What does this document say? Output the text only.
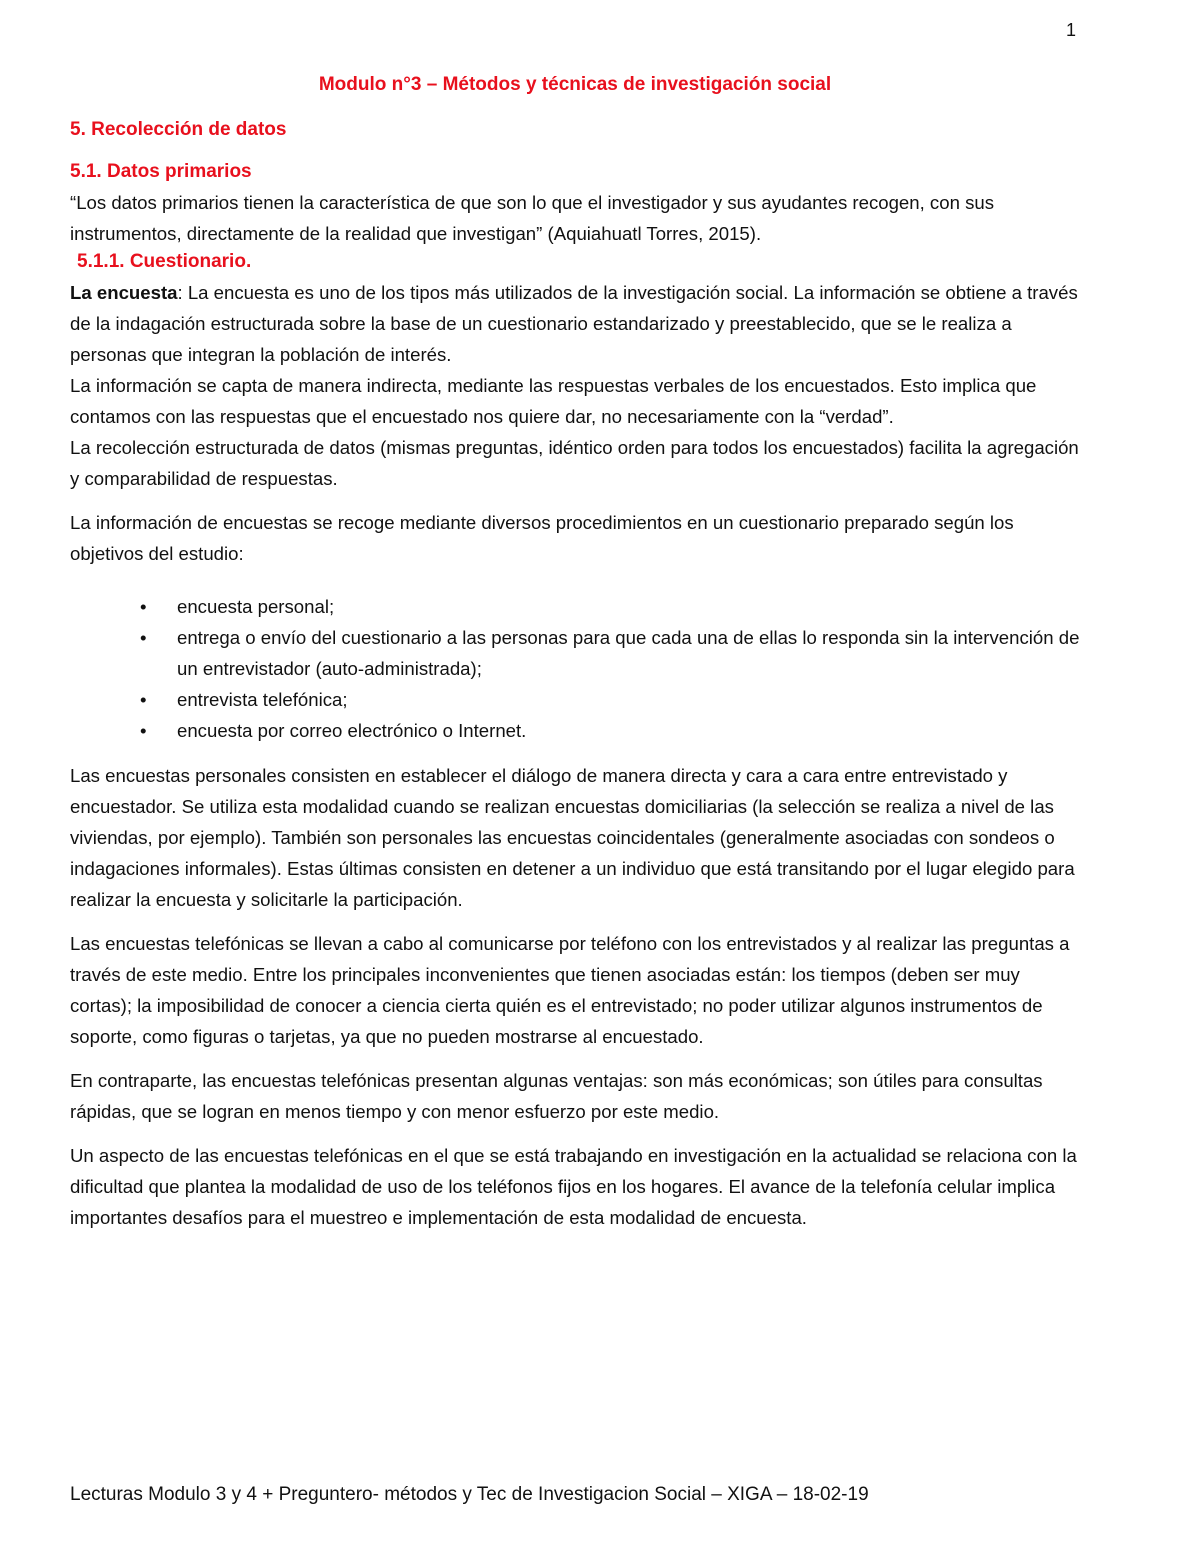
1
Modulo n°3 – Métodos y técnicas de investigación social
5. Recolección de datos
5.1. Datos primarios

“Los datos primarios tienen la característica de que son lo que el investigador y sus ayudantes recogen, con sus instrumentos, directamente de la realidad que investigan” (Aquiahuatl Torres, 2015).

5.1.1. Cuestionario.

La encuesta: La encuesta es uno de los tipos más utilizados de la investigación social. La información se obtiene a través de la indagación estructurada sobre la base de un cuestionario estandarizado y preestablecido, que se le realiza a personas que integran la población de interés.

La información se capta de manera indirecta, mediante las respuestas verbales de los encuestados. Esto implica que contamos con las respuestas que el encuestado nos quiere dar, no necesariamente con la “verdad”.

La recolección estructurada de datos (mismas preguntas, idéntico orden para todos los encuestados) facilita la agregación y comparabilidad de respuestas.

La información de encuestas se recoge mediante diversos procedimientos en un cuestionario preparado según los objetivos del estudio:

• encuesta personal;
• entrega o envío del cuestionario a las personas para que cada una de ellas lo responda sin la intervención de un entrevistador (auto-administrada);
• entrevista telefónica;
• encuesta por correo electrónico o Internet.

Las encuestas personales consisten en establecer el diálogo de manera directa y cara a cara entre entrevistado y encuestador. Se utiliza esta modalidad cuando se realizan encuestas domiciliarias (la selección se realiza a nivel de las viviendas, por ejemplo). También son personales las encuestas coincidentales (generalmente asociadas con sondeos o indagaciones informales). Estas últimas consisten en detener a un individuo que está transitando por el lugar elegido para realizar la encuesta y solicitarle la participación.

Las encuestas telefónicas se llevan a cabo al comunicarse por teléfono con los entrevistados y al realizar las preguntas a través de este medio. Entre los principales inconvenientes que tienen asociadas están: los tiempos (deben ser muy cortas); la imposibilidad de conocer a ciencia cierta quién es el entrevistado; no poder utilizar algunos instrumentos de soporte, como figuras o tarjetas, ya que no pueden mostrarse al encuestado.

En contraparte, las encuestas telefónicas presentan algunas ventajas: son más económicas; son útiles para consultas rápidas, que se logran en menos tiempo y con menor esfuerzo por este medio.

Un aspecto de las encuestas telefónicas en el que se está trabajando en investigación en la actualidad se relaciona con la dificultad que plantea la modalidad de uso de los teléfonos fijos en los hogares. El avance de la telefonía celular implica importantes desafíos para el muestreo e implementación de esta modalidad de encuesta.

Lecturas Modulo 3 y 4 + Preguntero- métodos y Tec de Investigacion Social – XIGA – 18-02-19
